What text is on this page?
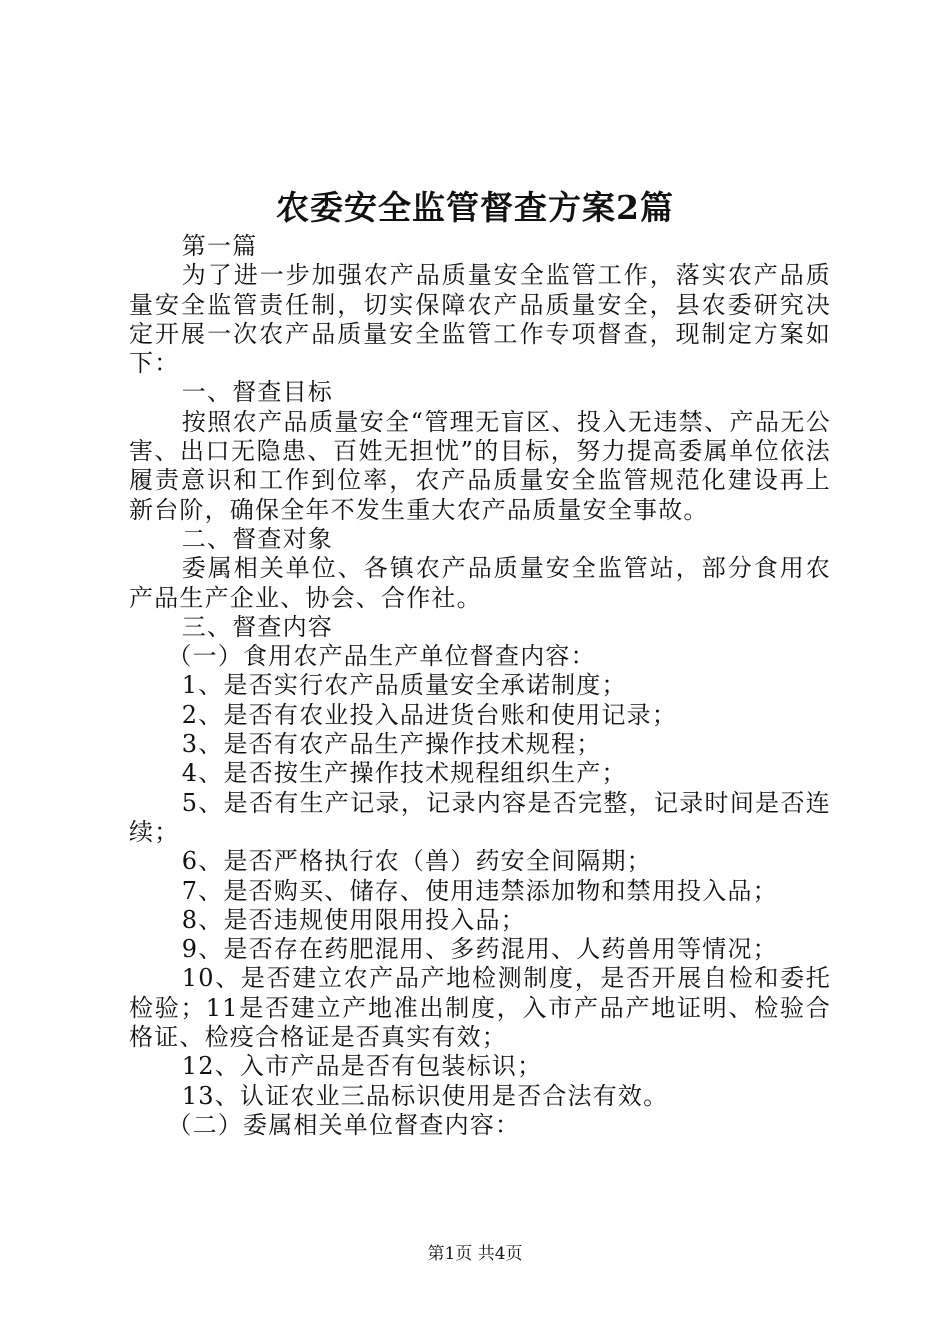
农委安全监管督查方案2篇

第一篇

为了进一步加强农产品质量安全监管工作，落实农产品质量安全监管责任制，切实保障农产品质量安全，县农委研究决定开展一次农产品质量安全监管工作专项督查，现制定方案如下：

一、督查目标

按照农产品质量安全“管理无盲区、投入无违禁、产品无公害、出口无隐患、百姓无担忧”的目标，努力提高委属单位依法履责意识和工作到位率，农产品质量安全监管规范化建设再上新台阶，确保全年不发生重大农产品质量安全事故。

二、督查对象

委属相关单位、各镇农产品质量安全监管站，部分食用农产品生产企业、协会、合作社。

三、督查内容

（一）食用农产品生产单位督查内容：

1、是否实行农产品质量安全承诺制度；

2、是否有农业投入品进货台账和使用记录；

3、是否有农产品生产操作技术规程；

4、是否按生产操作技术规程组织生产；

5、是否有生产记录，记录内容是否完整，记录时间是否连续；

6、是否严格执行农（兽）药安全间隔期；

7、是否购买、储存、使用违禁添加物和禁用投入品；

8、是否违规使用限用投入品；

9、是否存在药肥混用、多药混用、人药兽用等情况；

10、是否建立农产品产地检测制度，是否开展自检和委托检验；11是否建立产地准出制度，入市产品产地证明、检验合格证、检疫合格证是否真实有效；

12、入市产品是否有包装标识；

13、认证农业三品标识使用是否合法有效。

（二）委属相关单位督查内容：

第1页 共4页
